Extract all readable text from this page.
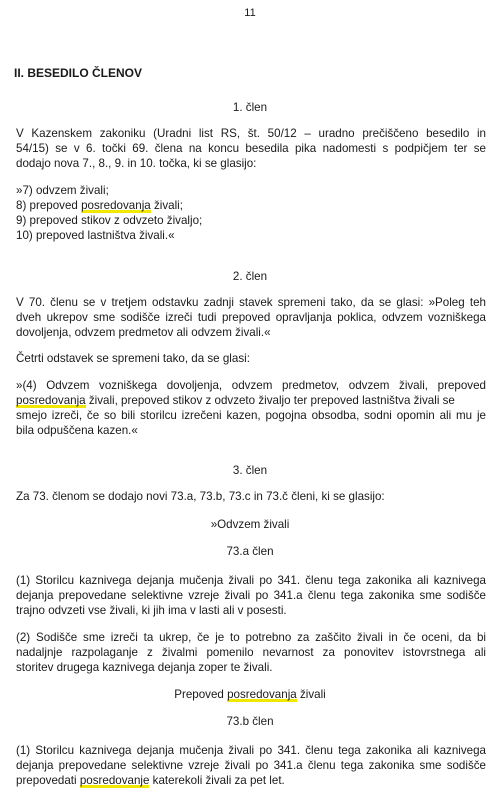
11
II. BESEDILO ČLENOV
1. člen
V Kazenskem zakoniku (Uradni list RS, št. 50/12 – uradno prečiščeno besedilo in
54/15) se v 6. točki 69. člena na koncu besedila pika nadomesti s podpičjem ter se
dodajo nova 7., 8., 9. in 10. točka, ki se glasijo:
»7) odvzem živali;
8) prepoved posredovanja živali;
9) prepoved stikov z odvzeto živaljo;
10) prepoved lastništva živali.«
2. člen
V 70. členu se v tretjem odstavku zadnji stavek spremeni tako, da se glasi: »Poleg teh
dveh ukrepov sme sodišče izreči tudi prepoved opravljanja poklica, odvzem vozniškega
dovoljenja, odvzem predmetov ali odvzem živali.«
Četrti odstavek se spremeni tako, da se glasi:
»(4) Odvzem vozniškega dovoljenja, odvzem predmetov, odvzem živali, prepoved
posredovanja živali, prepoved stikov z odvzeto živaljo ter prepoved lastništva živali se
smejo izreči, če so bili storilcu izrečeni kazen, pogojna obsodba, sodni opomin ali mu je
bila odpuščena kazen.«
3. člen
Za 73. členom se dodajo novi 73.a, 73.b, 73.c in 73.č členi, ki se glasijo:
»Odvzem živali
73.a člen
(1) Storilcu kaznivega dejanja mučenja živali po 341. členu tega zakonika ali kaznivega
dejanja prepovedane selektivne vzreje živali po 341.a členu tega zakonika sme sodišče
trajno odvzeti vse živali, ki jih ima v lasti ali v posesti.
(2) Sodišče sme izreči ta ukrep, če je to potrebno za zaščito živali in če oceni, da bi
nadaljnje razpolaganje z živalmi pomenilo nevarnost za ponovitev istovrstnega ali
storitev drugega kaznivega dejanja zoper te živali.
Prepoved posredovanja živali
73.b člen
(1) Storilcu kaznivega dejanja mučenja živali po 341. členu tega zakonika ali kaznivega
dejanja prepovedane selektivne vzreje živali po 341.a členu tega zakonika sme sodišče
prepovedati posredovanje katerekoli živali za pet let.
